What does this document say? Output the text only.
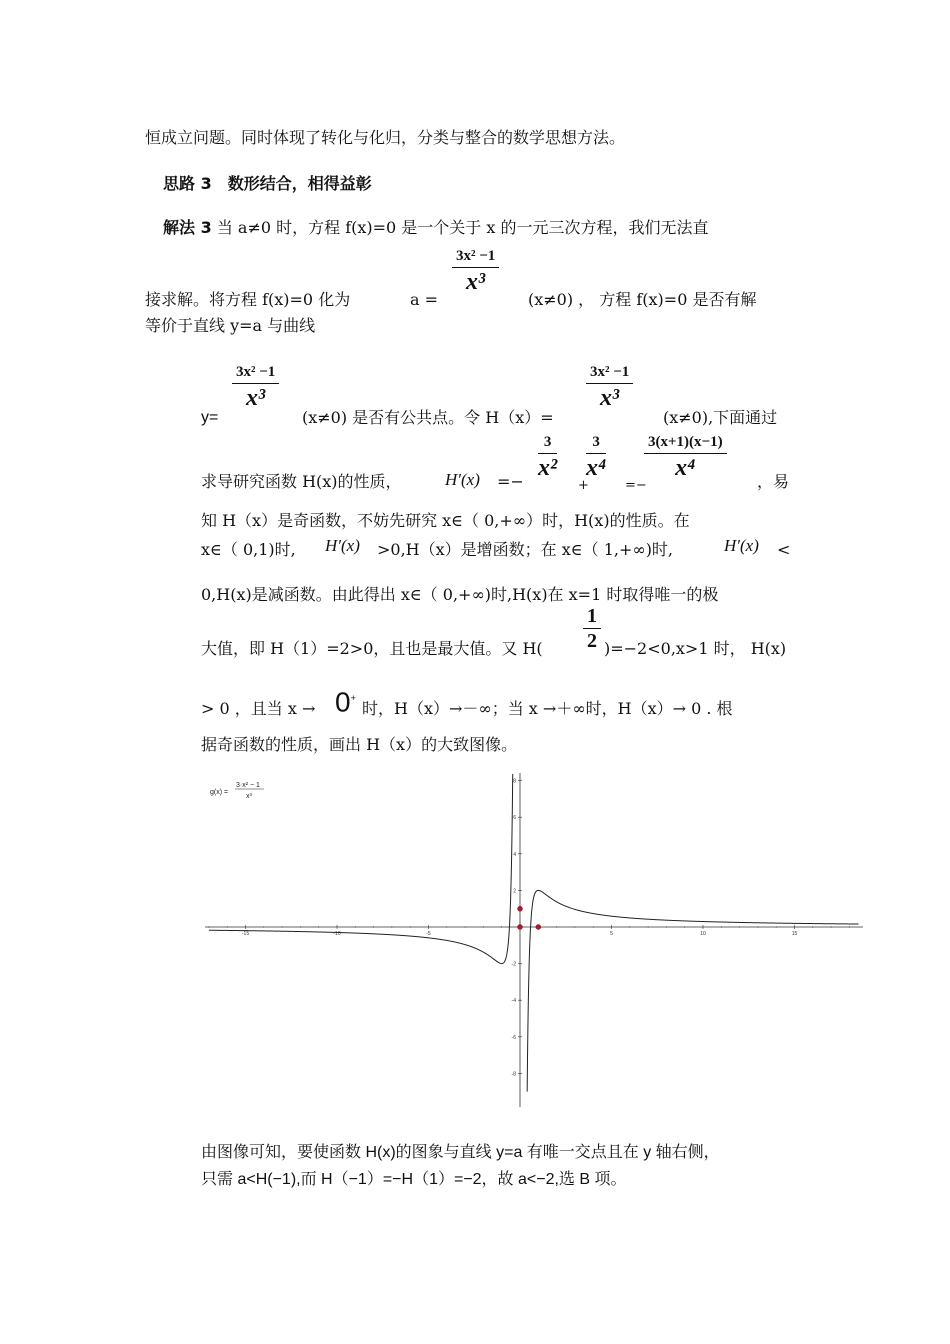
恒成立问题。同时体现了转化与化归，分类与整合的数学思想方法。
思路 3　数形结合，相得益彰
解法 3 当 a≠0 时，方程 f(x)=0 是一个关于 x 的一元三次方程，我们无法直
3x² −1
x³
接求解。将方程 f(x)=0 化为	a =	(x≠0) ， 方程 f(x)=0 是否有解
等价于直线 y=a 与曲线
3x² −1
x³
y=	(x≠0) 是否有公共点。令 H（x）=
3x² −1
x³
(x≠0),下面通过
求导研究函数 H(x)的性质，	H′(x) =−
3
x²
+
3
x⁴
=−
3(x+1)(x−1)
x⁴
，易
知 H（x）是奇函数，不妨先研究 x∈（ 0,+∞）时，H(x)的性质。在
x∈（ 0,1)时, H′(x) >0,H（x）是增函数；在 x∈（ 1,+∞)时,	H′(x) <
0,H(x)是减函数。由此得出 x∈（ 0,+∞)时,H(x)在 x=1 时取得唯一的极
大值，即 H（1）=2>0，且也是最大值。又 H(
1
2 )=−2<0,x>1 时， H(x)
> 0 ，且当 x → 0+
时，H（x）→－∞；当 x →＋∞时，H（x）→ 0 . 根
据奇函数的性质，画出 H（x）的大致图像。
-15	-10	-5	5	10	15
-8
-6
-4
-2
2
4
6
8
g(x) =
3·x² − 1
x³
由图像可知，要使函数 H(x)的图象与直线 y=a 有唯一交点且在 y 轴右侧，
只需 a<H(−1),而 H（−1）=−H（1）=−2，故 a<−2,选 B 项。
